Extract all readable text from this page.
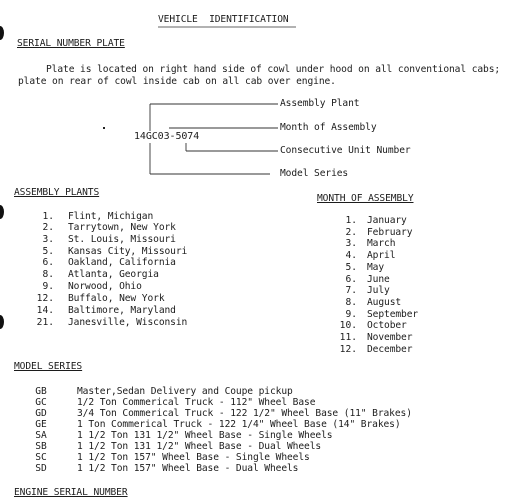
VEHICLE  IDENTIFICATION
SERIAL NUMBER PLATE
Plate is located on right hand side of cowl under hood on all conventional cabs;
plate on rear of cowl inside cab on all cab over engine.
14GC03-5074
Assembly Plant
Month of Assembly
Consecutive Unit Number
Model Series
ASSEMBLY PLANTS
1. Flint, Michigan
2. Tarrytown, New York
3. St. Louis, Missouri
5. Kansas City, Missouri
6. Oakland, California
8. Atlanta, Georgia
9. Norwood, Ohio
12. Buffalo, New York
14. Baltimore, Maryland
21. Janesville, Wisconsin
MONTH OF ASSEMBLY
1. January
2. February
3. March
4. April
5. May
6. June
7. July
8. August
9. September
10. October
11. November
12. December
MODEL SERIES
GB	Master,Sedan Delivery and Coupe pickup
GC	1/2 Ton Commerical Truck - 112" Wheel Base
GD	3/4 Ton Commerical Truck - 122 1/2" Wheel Base (11" Brakes)
GE	1 Ton Commerical Truck - 122 1/4" Wheel Base (14" Brakes)
SA	1 1/2 Ton 131 1/2" Wheel Base - Single Wheels
SB	1 1/2 Ton 131 1/2" Wheel Base - Dual Wheels
SC	1 1/2 Ton 157" Wheel Base - Single Wheels
SD	1 1/2 Ton 157" Wheel Base - Dual Wheels
ENGINE SERIAL NUMBER
